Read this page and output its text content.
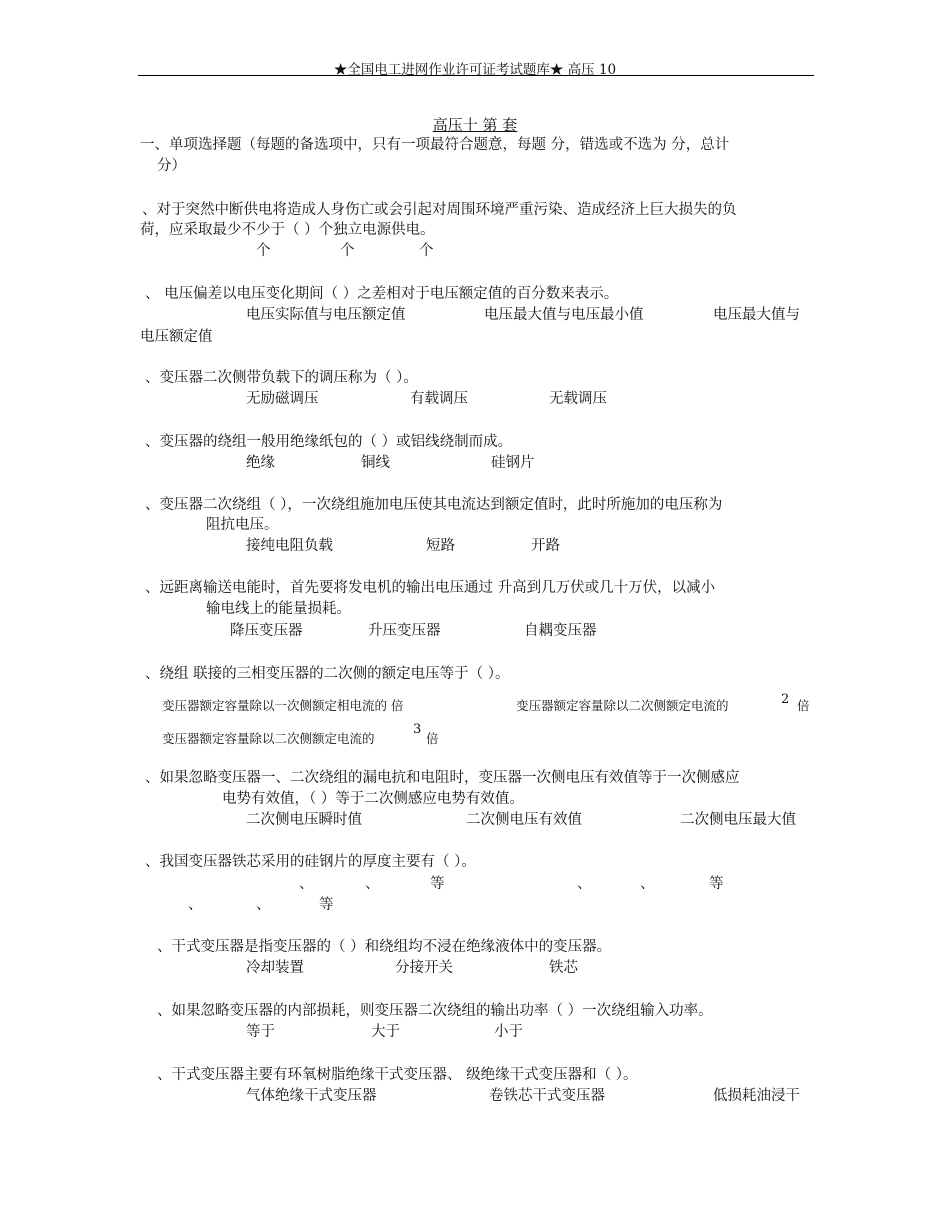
★全国电工进网作业许可证考试题库★ 高压 10
高压十 第 套
一、单项选择题（每题的备选项中，只有一项最符合题意，每题 分，错选或不选为 分，总计
分）
、对于突然中断供电将造成人身伤亡或会引起对周围环境严重污染、造成经济上巨大损失的负
荷，应采取最少不少于（ ）个独立电源供电。
个	个	个
、 电压偏差以电压变化期间（ ）之差相对于电压额定值的百分数来表示。
电压实际值与电压额定值	电压最大值与电压最小值	电压最大值与
电压额定值
、变压器二次侧带负载下的调压称为（ ）。
无励磁调压	有载调压	无载调压
、变压器的绕组一般用绝缘纸包的（ ）或铝线绕制而成。
绝缘	铜线	硅钢片
、变压器二次绕组（ ），一次绕组施加电压使其电流达到额定值时，此时所施加的电压称为
阻抗电压。
接纯电阻负载	短路	开路
、远距离输送电能时，首先要将发电机的输出电压通过 升高到几万伏或几十万伏，以减小
输电线上的能量损耗。
降压变压器	升压变压器	自耦变压器
、绕组 联接的三相变压器的二次侧的额定电压等于（ ）。
变压器额定容量除以一次侧额定相电流的 倍	变压器额定容量除以二次侧额定电流的	2 倍
变压器额定容量除以二次侧额定电流的
3
倍
、如果忽略变压器一、二次绕组的漏电抗和电阻时，变压器一次侧电压有效值等于一次侧感应
电势有效值，（ ）等于二次侧感应电势有效值。
二次侧电压瞬时值	二次侧电压有效值	二次侧电压最大值
、我国变压器铁芯采用的硅钢片的厚度主要有（ ）。
、	、	等	、	、	等
、	、	等
、干式变压器是指变压器的（ ）和绕组均不浸在绝缘液体中的变压器。
冷却装置	分接开关	铁芯
、如果忽略变压器的内部损耗，则变压器二次绕组的输出功率（ ）一次绕组输入功率。
等于	大于	小于
、干式变压器主要有环氧树脂绝缘干式变压器、 级绝缘干式变压器和（ ）。
气体绝缘干式变压器	卷铁芯干式变压器	低损耗油浸干
